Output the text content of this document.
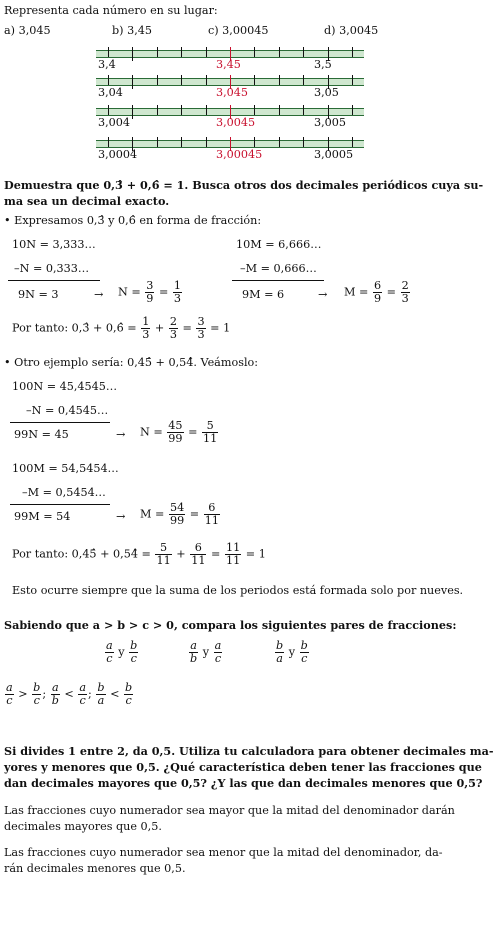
Representa cada número en su lugar:
a) 3,045	b) 3,45	c) 3,00045	d) 3,0045
3,4	3,45	3,5
3,04	3,045	3,05
3,004	3,0045	3,005
3,0004	3,00045	3,0005
Demuestra que 0,3̂ + 0,6̂ = 1. Busca otros dos decimales periódicos cuya su-
ma sea un decimal exacto.
• Expresamos 0,3̂ y 0,6̂ en forma de fracción:
10N = 3,333…
–N = 0,333…
9N = 3	→ $N = \frac{3}{9} = \frac{1}{3}$
10M = 6,666…
–M = 0,666…
9M = 6	→ $M = \frac{6}{9} = \frac{2}{3}$
Por tanto: 0,3̂ + 0,6̂ = $\frac{1}{3} + \frac{2}{3} = \frac{3}{3} = 1$
• Otro ejemplo sería: 0,45̂ + 0,54̂. Veámoslo:
100N = 45,4545…
–N = 0,4545…
99N = 45	→ $N = \frac{45}{99} = \frac{5}{11}$
100M = 54,5454…
–M = 0,5454…
99M = 54	→ $M = \frac{54}{99} = \frac{6}{11}$
Por tanto: 0,45̂ + 0,54̂ = $\frac{5}{11} + \frac{6}{11} = \frac{11}{11} = 1$
Esto ocurre siempre que la suma de los periodos está formada solo por nueves.
Sabiendo que a > b > c > 0, compara los siguientes pares de fracciones:
$\frac{a}{c}$ y $\frac{b}{c}$	$\frac{a}{b}$ y $\frac{a}{c}$	$\frac{b}{a}$ y $\frac{b}{c}$
$\frac{a}{c} > \frac{b}{c}$ ; $\frac{a}{b} < \frac{a}{c}$ ; $\frac{b}{a} < \frac{b}{c}$
Si divides 1 entre 2, da 0,5. Utiliza tu calculadora para obtener decimales ma-
yores y menores que 0,5. ¿Qué característica deben tener las fracciones que
dan decimales mayores que 0,5? ¿Y las que dan decimales menores que 0,5?
Las fracciones cuyo numerador sea mayor que la mitad del denominador darán
decimales mayores que 0,5.
Las fracciones cuyo numerador sea menor que la mitad del denominador, da-
rán decimales menores que 0,5.
